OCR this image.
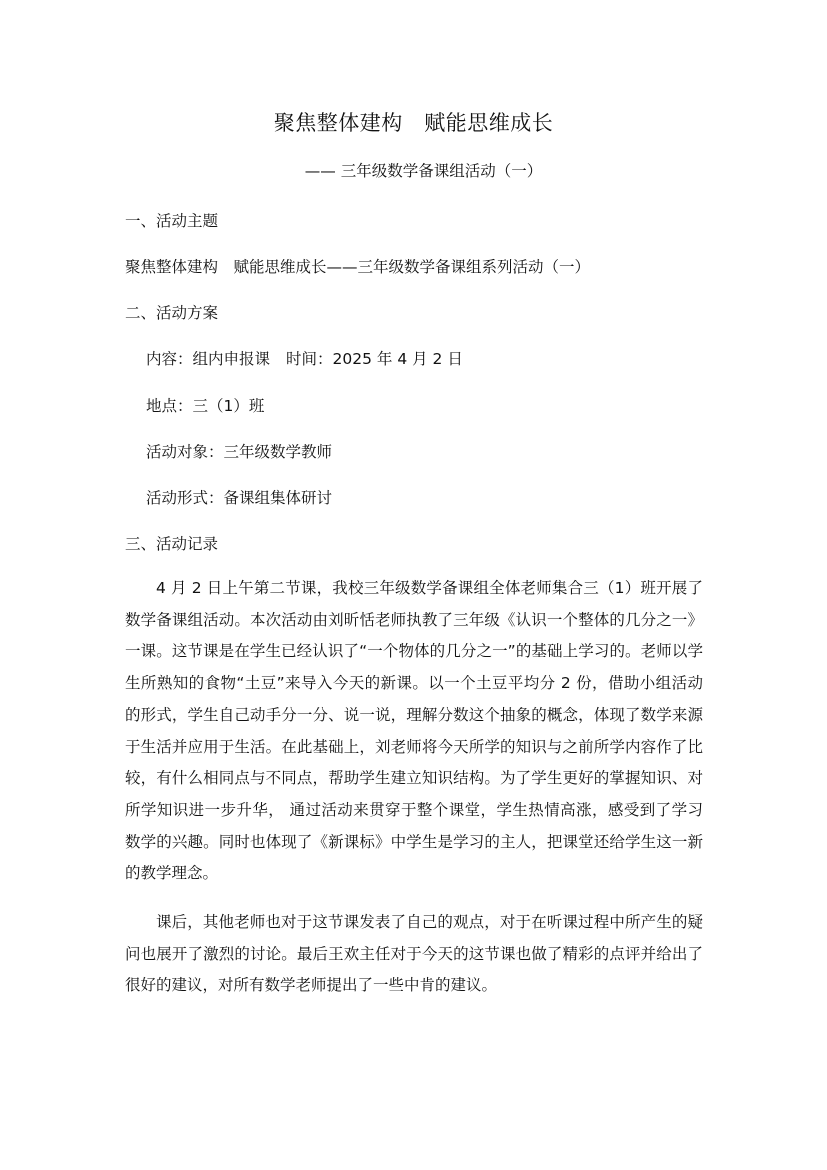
聚焦整体建构　赋能思维成长
—— 三年级数学备课组活动（一）
一、活动主题
聚焦整体建构　赋能思维成长——三年级数学备课组系列活动（一）
二、活动方案
内容：组内申报课 时间：2025 年 4 月 2 日
地点：三（1）班
活动对象：三年级数学教师
活动形式：备课组集体研讨
三、活动记录
4 月 2 日上午第二节课，我校三年级数学备课组全体老师集合三（1）班开展了数学备课组活动。本次活动由刘昕恬老师执教了三年级《认识一个整体的几分之一》一课。这节课是在学生已经认识了“一个物体的几分之一”的基础上学习的。老师以学生所熟知的食物“土豆”来导入今天的新课。以一个土豆平均分 2 份，借助小组活动的形式，学生自己动手分一分、说一说，理解分数这个抽象的概念，体现了数学来源于生活并应用于生活。在此基础上，刘老师将今天所学的知识与之前所学内容作了比较，有什么相同点与不同点，帮助学生建立知识结构。为了学生更好的掌握知识、对所学知识进一步升华， 通过活动来贯穿于整个课堂，学生热情高涨，感受到了学习数学的兴趣。同时也体现了《新课标》中学生是学习的主人，把课堂还给学生这一新的教学理念。
课后，其他老师也对于这节课发表了自己的观点，对于在听课过程中所产生的疑问也展开了激烈的讨论。最后王欢主任对于今天的这节课也做了精彩的点评并给出了很好的建议，对所有数学老师提出了一些中肯的建议。
